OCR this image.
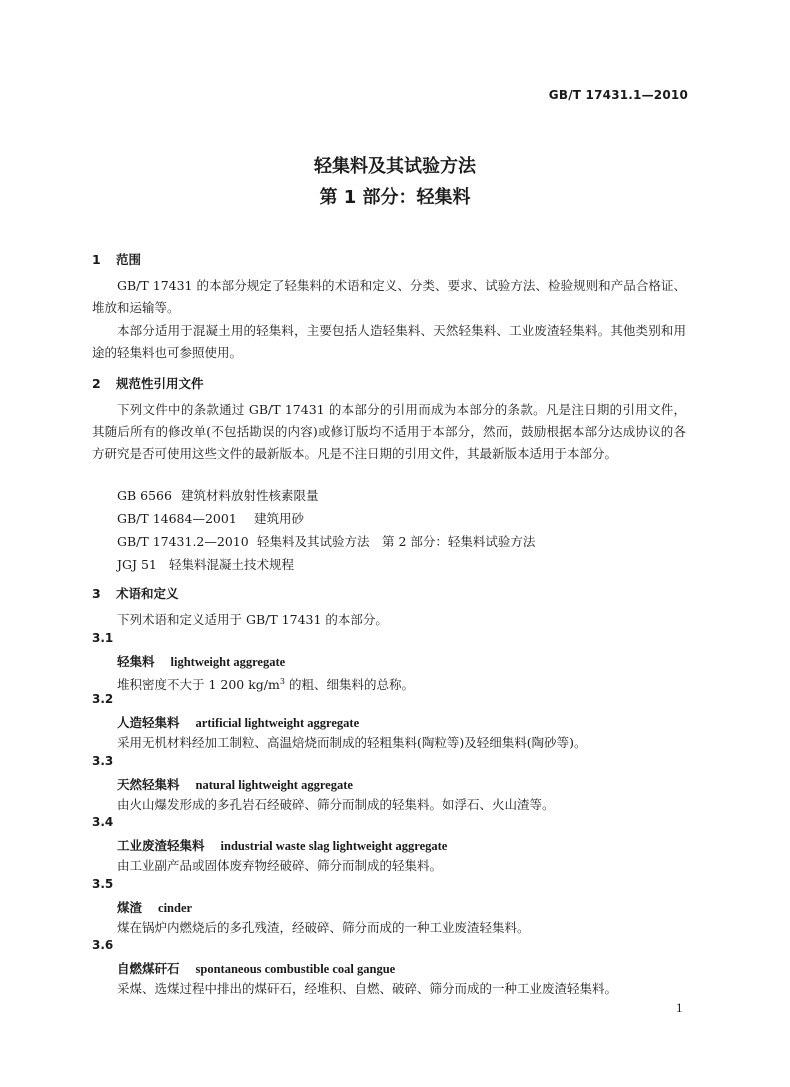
GB/T 17431.1—2010
轻集料及其试验方法
第 1 部分：轻集料
1 范围
GB/T 17431 的本部分规定了轻集料的术语和定义、分类、要求、试验方法、检验规则和产品合格证、堆放和运输等。
本部分适用于混凝土用的轻集料，主要包括人造轻集料、天然轻集料、工业废渣轻集料。其他类别和用途的轻集料也可参照使用。
2 规范性引用文件
下列文件中的条款通过 GB/T 17431 的本部分的引用而成为本部分的条款。凡是注日期的引用文件，其随后所有的修改单(不包括勘误的内容)或修订版均不适用于本部分，然而，鼓励根据本部分达成协议的各方研究是否可使用这些文件的最新版本。凡是不注日期的引用文件，其最新版本适用于本部分。
GB 6566 建筑材料放射性核素限量
GB/T 14684—2001 建筑用砂
GB/T 17431.2—2010 轻集料及其试验方法　第 2 部分：轻集料试验方法
JGJ 51 轻集料混凝土技术规程
3 术语和定义
下列术语和定义适用于 GB/T 17431 的本部分。
3.1
轻集料 lightweight aggregate
堆积密度不大于 1 200 $kg/m^3$ 的粗、细集料的总称。
3.2
人造轻集料 artificial lightweight aggregate
采用无机材料经加工制粒、高温焙烧而制成的轻粗集料(陶粒等)及轻细集料(陶砂等)。
3.3
天然轻集料 natural lightweight aggregate
由火山爆发形成的多孔岩石经破碎、筛分而制成的轻集料。如浮石、火山渣等。
3.4
工业废渣轻集料 industrial waste slag lightweight aggregate
由工业副产品或固体废弃物经破碎、筛分而制成的轻集料。
3.5
煤渣 cinder
煤在锅炉内燃烧后的多孔残渣，经破碎、筛分而成的一种工业废渣轻集料。
3.6
自燃煤矸石 spontaneous combustible coal gangue
采煤、选煤过程中排出的煤矸石，经堆积、自燃、破碎、筛分而成的一种工业废渣轻集料。
1
